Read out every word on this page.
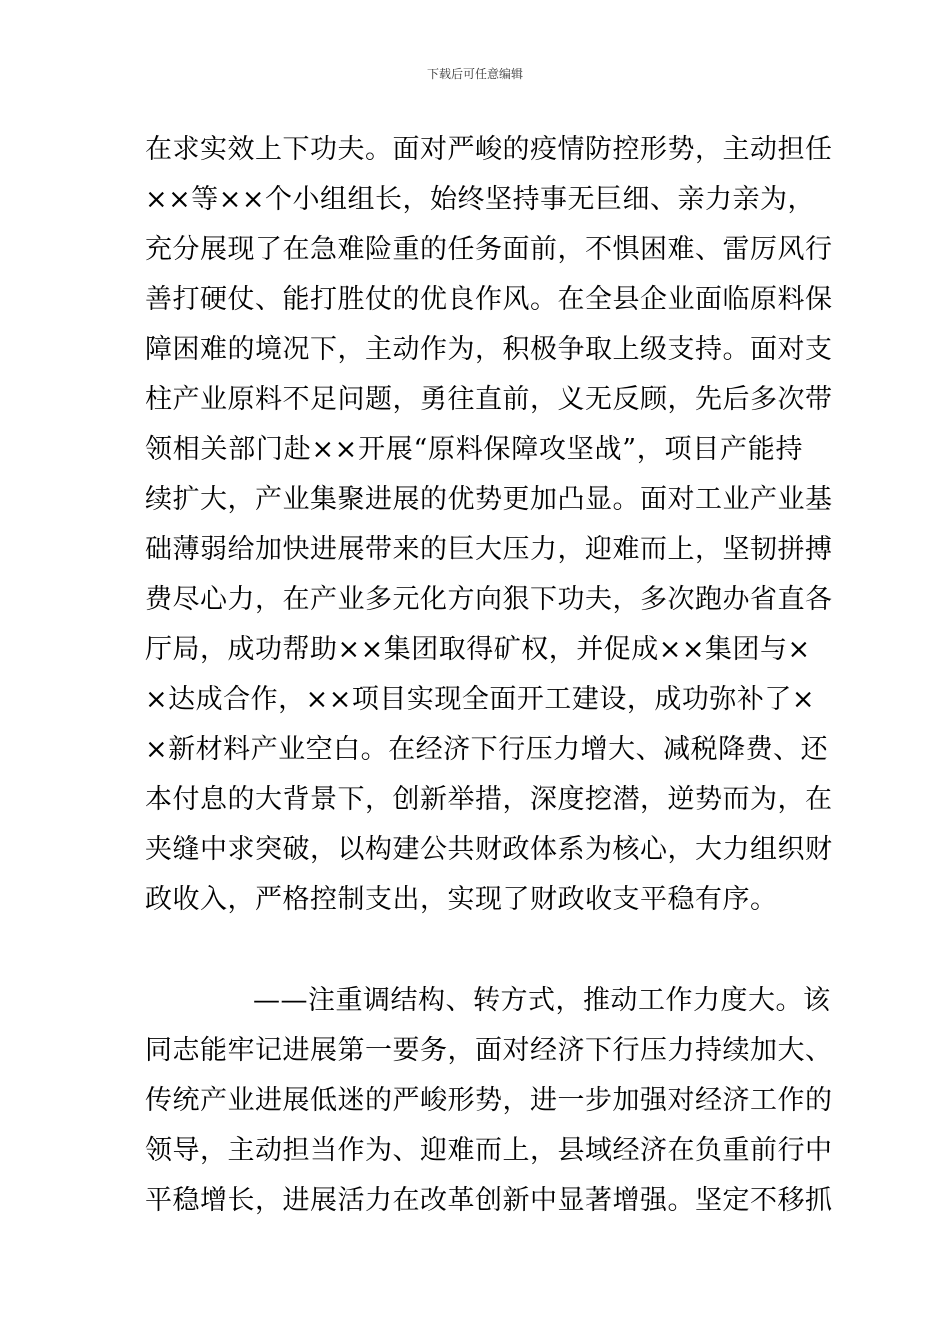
下载后可任意编辑
在求实效上下功夫。面对严峻的疫情防控形势，主动担任
××等××个小组组长，始终坚持事无巨细、亲力亲为，
充分展现了在急难险重的任务面前，不惧困难、雷厉风行
善打硬仗、能打胜仗的优良作风。在全县企业面临原料保
障困难的境况下，主动作为，积极争取上级支持。面对支
柱产业原料不足问题，勇往直前，义无反顾，先后多次带
领相关部门赴××开展“原料保障攻坚战”，项目产能持
续扩大，产业集聚进展的优势更加凸显。面对工业产业基
础薄弱给加快进展带来的巨大压力，迎难而上，坚韧拼搏
费尽心力，在产业多元化方向狠下功夫，多次跑办省直各
厅局，成功帮助××集团取得矿权，并促成××集团与×
×达成合作，××项目实现全面开工建设，成功弥补了×
×新材料产业空白。在经济下行压力增大、减税降费、还
本付息的大背景下，创新举措，深度挖潜，逆势而为，在
夹缝中求突破，以构建公共财政体系为核心，大力组织财
政收入，严格控制支出，实现了财政收支平稳有序。
——注重调结构、转方式，推动工作力度大。该
同志能牢记进展第一要务，面对经济下行压力持续加大、
传统产业进展低迷的严峻形势，进一步加强对经济工作的
领导，主动担当作为、迎难而上，县域经济在负重前行中
平稳增长，进展活力在改革创新中显著增强。坚定不移抓
